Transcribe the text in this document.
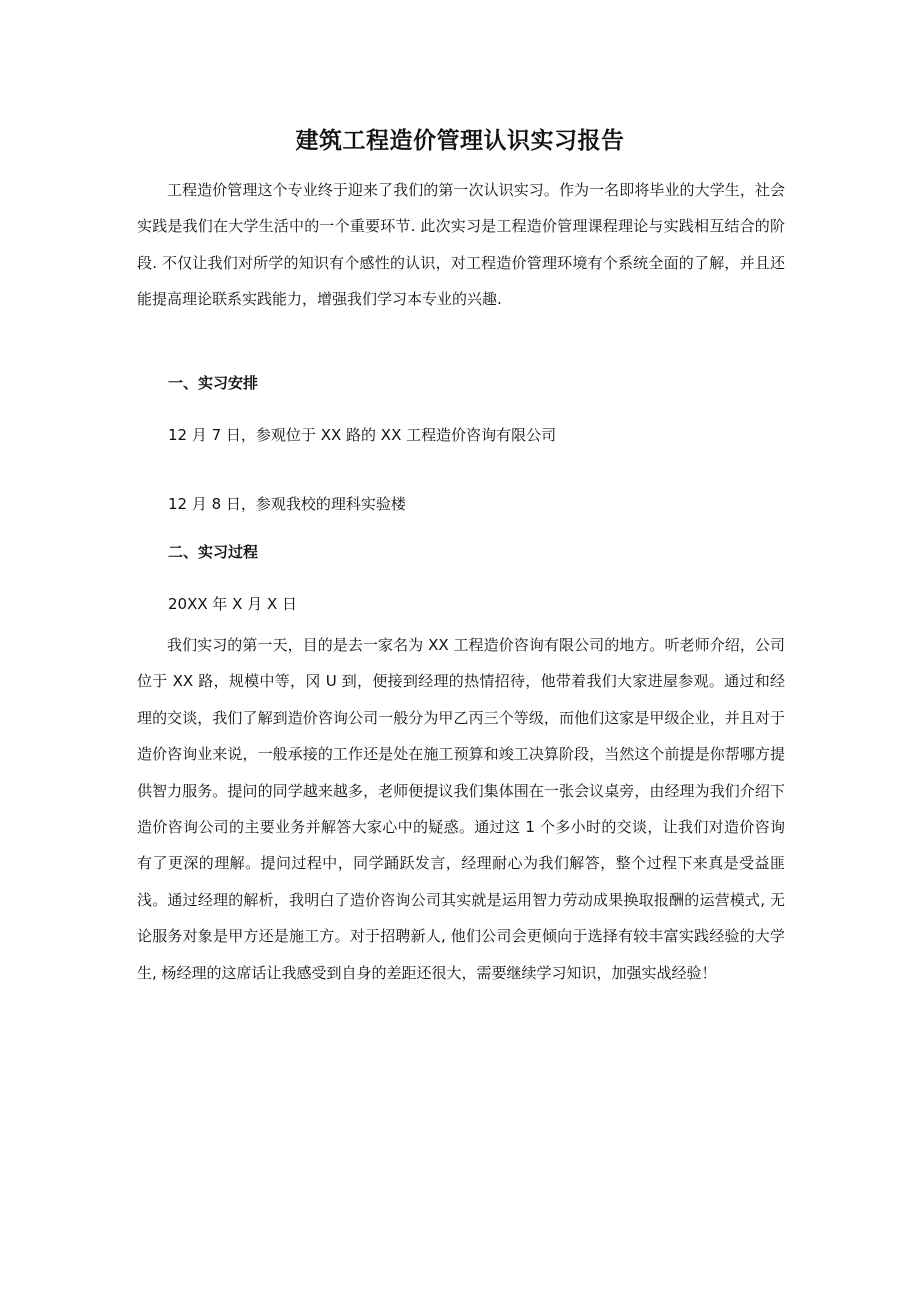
建筑工程造价管理认识实习报告
工程造价管理这个专业终于迎来了我们的第一次认识实习。作为一名即将毕业的大学生，社会实践是我们在大学生活中的一个重要环节. 此次实习是工程造价管理课程理论与实践相互结合的阶段. 不仅让我们对所学的知识有个感性的认识，对工程造价管理环境有个系统全面的了解，并且还能提高理论联系实践能力，增强我们学习本专业的兴趣.
一、实习安排
12 月 7 日，参观位于 XX 路的 XX 工程造价咨询有限公司
12 月 8 日，参观我校的理科实验楼
二、实习过程
20XX 年 X 月 X 日
我们实习的第一天，目的是去一家名为 XX 工程造价咨询有限公司的地方。听老师介绍，公司位于 XX 路，规模中等，冈 U 到，便接到经理的热情招待，他带着我们大家进屋参观。通过和经理的交谈，我们了解到造价咨询公司一般分为甲乙丙三个等级，而他们这家是甲级企业，并且对于造价咨询业来说，一般承接的工作还是处在施工预算和竣工决算阶段，当然这个前提是你帮哪方提供智力服务。提问的同学越来越多，老师便提议我们集体围在一张会议桌旁，由经理为我们介绍下造价咨询公司的主要业务并解答大家心中的疑惑。通过这 1 个多小时的交谈，让我们对造价咨询有了更深的理解。提问过程中，同学踊跃发言，经理耐心为我们解答，整个过程下来真是受益匪浅。通过经理的解析，我明白了造价咨询公司其实就是运用智力劳动成果换取报酬的运营模式, 无论服务对象是甲方还是施工方。对于招聘新人, 他们公司会更倾向于选择有较丰富实践经验的大学生, 杨经理的这席话让我感受到自身的差距还很大，需要继续学习知识，加强实战经验！
